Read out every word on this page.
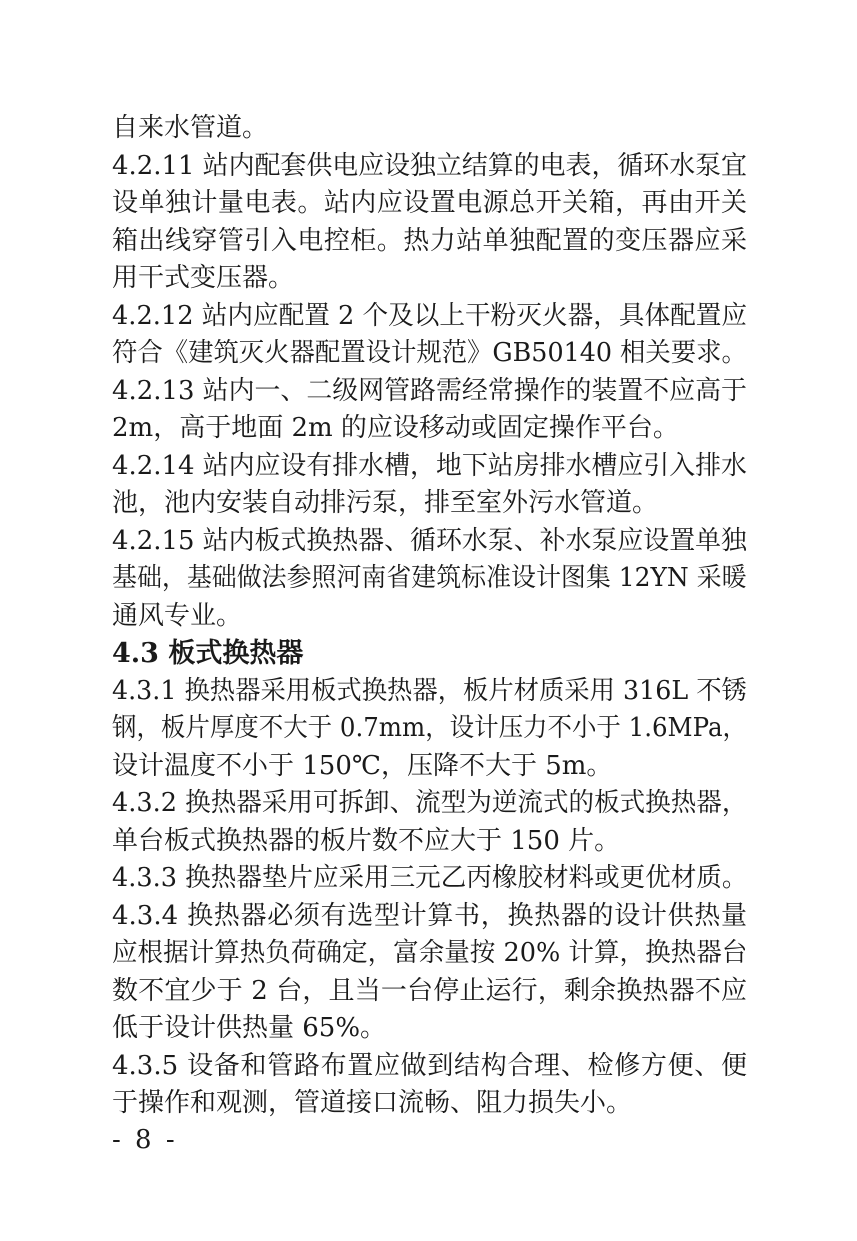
自来水管道。
4.2.11 站内配套供电应设独立结算的电表，循环水泵宜
设单独计量电表。站内应设置电源总开关箱，再由开关
箱出线穿管引入电控柜。热力站单独配置的变压器应采
用干式变压器。
4.2.12 站内应配置 2 个及以上干粉灭火器，具体配置应
符合《建筑灭火器配置设计规范》GB50140 相关要求。
4.2.13 站内一、二级网管路需经常操作的装置不应高于
2m，高于地面 2m 的应设移动或固定操作平台。
4.2.14 站内应设有排水槽，地下站房排水槽应引入排水
池，池内安装自动排污泵，排至室外污水管道。
4.2.15 站内板式换热器、循环水泵、补水泵应设置单独
基础，基础做法参照河南省建筑标准设计图集 12YN 采暖
通风专业。
4.3 板式换热器
4.3.1 换热器采用板式换热器，板片材质采用 316L 不锈
钢，板片厚度不大于 0.7mm，设计压力不小于 1.6MPa，
设计温度不小于 150℃，压降不大于 5m。
4.3.2 换热器采用可拆卸、流型为逆流式的板式换热器，
单台板式换热器的板片数不应大于 150 片。
4.3.3 换热器垫片应采用三元乙丙橡胶材料或更优材质。
4.3.4 换热器必须有选型计算书，换热器的设计供热量
应根据计算热负荷确定，富余量按 20% 计算，换热器台
数不宜少于 2 台，且当一台停止运行，剩余换热器不应
低于设计供热量 65%。
4.3.5 设备和管路布置应做到结构合理、检修方便、便
于操作和观测，管道接口流畅、阻力损失小。
- 8 -
